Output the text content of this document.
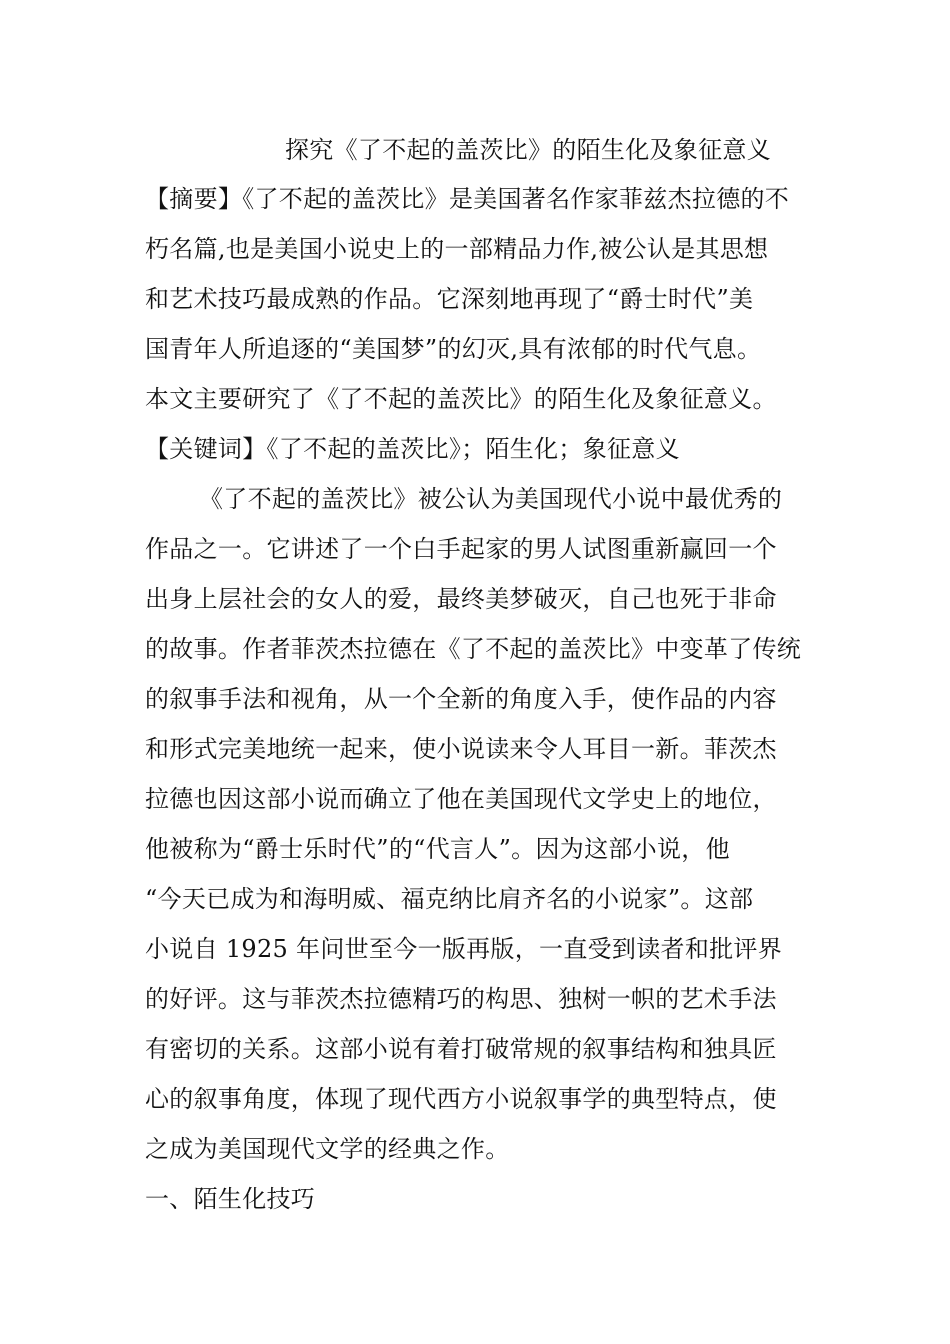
探究《了不起的盖茨比》的陌生化及象征意义
【摘要】《了不起的盖茨比》是美国著名作家菲兹杰拉德的不
朽名篇,也是美国小说史上的一部精品力作,被公认是其思想
和艺术技巧最成熟的作品。它深刻地再现了“爵士时代”美
国青年人所追逐的“美国梦”的幻灭,具有浓郁的时代气息。
本文主要研究了《了不起的盖茨比》的陌生化及象征意义。
【关键词】《了不起的盖茨比》；陌生化；象征意义
《了不起的盖茨比》被公认为美国现代小说中最优秀的
作品之一。它讲述了一个白手起家的男人试图重新赢回一个
出身上层社会的女人的爱，最终美梦破灭，自己也死于非命
的故事。作者菲茨杰拉德在《了不起的盖茨比》中变革了传统
的叙事手法和视角，从一个全新的角度入手，使作品的内容
和形式完美地统一起来，使小说读来令人耳目一新。菲茨杰
拉德也因这部小说而确立了他在美国现代文学史上的地位，
他被称为“爵士乐时代”的“代言人”。因为这部小说，他
“今天已成为和海明威、福克纳比肩齐名的小说家”。这部
小说自 1925 年问世至今一版再版，一直受到读者和批评界
的好评。这与菲茨杰拉德精巧的构思、独树一帜的艺术手法
有密切的关系。这部小说有着打破常规的叙事结构和独具匠
心的叙事角度，体现了现代西方小说叙事学的典型特点，使
之成为美国现代文学的经典之作。
一、陌生化技巧
